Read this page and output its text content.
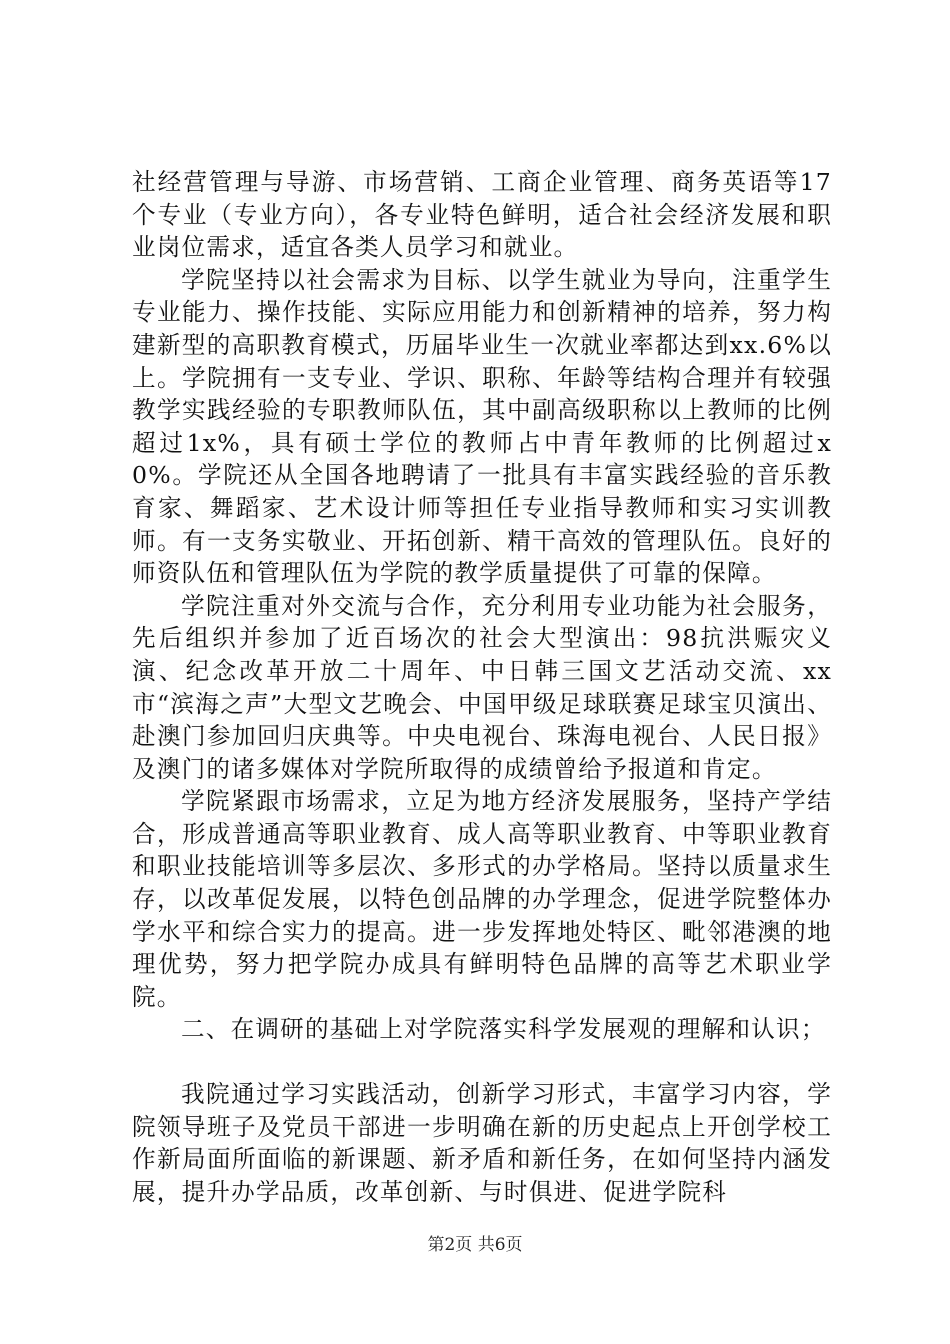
社经营管理与导游、市场营销、工商企业管理、商务英语等17个专业（专业方向），各专业特色鲜明，适合社会经济发展和职业岗位需求，适宜各类人员学习和就业。

学院坚持以社会需求为目标、以学生就业为导向，注重学生专业能力、操作技能、实际应用能力和创新精神的培养，努力构建新型的高职教育模式，历届毕业生一次就业率都达到xx.6%以上。学院拥有一支专业、学识、职称、年龄等结构合理并有较强教学实践经验的专职教师队伍，其中副高级职称以上教师的比例超过1x%，具有硕士学位的教师占中青年教师的比例超过x0%。学院还从全国各地聘请了一批具有丰富实践经验的音乐教育家、舞蹈家、艺术设计师等担任专业指导教师和实习实训教师。有一支务实敬业、开拓创新、精干高效的管理队伍。良好的师资队伍和管理队伍为学院的教学质量提供了可靠的保障。

学院注重对外交流与合作，充分利用专业功能为社会服务，先后组织并参加了近百场次的社会大型演出：98抗洪赈灾义演、纪念改革开放二十周年、中日韩三国文艺活动交流、xx市“滨海之声”大型文艺晚会、中国甲级足球联赛足球宝贝演出、赴澳门参加回归庆典等。中央电视台、珠海电视台、人民日报》及澳门的诸多媒体对学院所取得的成绩曾给予报道和肯定。

学院紧跟市场需求，立足为地方经济发展服务，坚持产学结合，形成普通高等职业教育、成人高等职业教育、中等职业教育和职业技能培训等多层次、多形式的办学格局。坚持以质量求生存，以改革促发展，以特色创品牌的办学理念，促进学院整体办学水平和综合实力的提高。进一步发挥地处特区、毗邻港澳的地理优势，努力把学院办成具有鲜明特色品牌的高等艺术职业学院。

二、在调研的基础上对学院落实科学发展观的理解和认识；

我院通过学习实践活动，创新学习形式，丰富学习内容，学院领导班子及党员干部进一步明确在新的历史起点上开创学校工作新局面所面临的新课题、新矛盾和新任务，在如何坚持内涵发展，提升办学品质，改革创新、与时俱进、促进学院科

第2页 共6页
